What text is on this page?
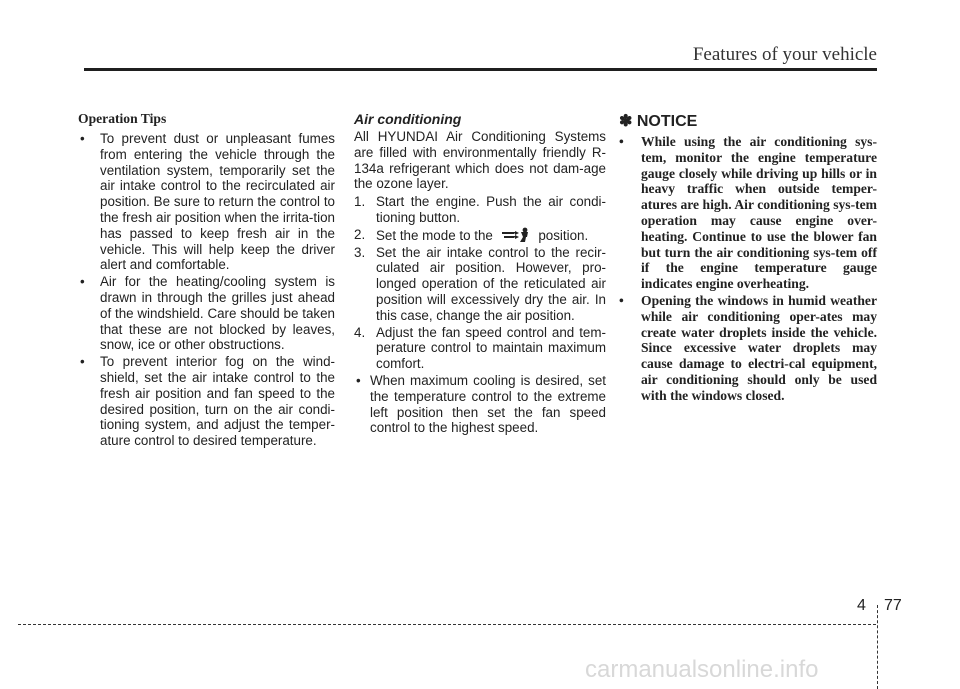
Features of your vehicle
Operation Tips
• To prevent dust or unpleasant fumes from entering the vehicle through the ventilation system, temporarily set the air intake control to the recirculated air position. Be sure to return the control to the fresh air position when the irrita-tion has passed to keep fresh air in the vehicle. This will help keep the driver alert and comfortable.
• Air for the heating/cooling system is drawn in through the grilles just ahead of the windshield. Care should be taken that these are not blocked by leaves, snow, ice or other obstructions.
• To prevent interior fog on the wind-shield, set the air intake control to the fresh air position and fan speed to the desired position, turn on the air condi-tioning system, and adjust the temper-ature control to desired temperature.
Air conditioning

All HYUNDAI Air Conditioning Systems are filled with environmentally friendly R-134a refrigerant which does not dam-age the ozone layer.

1. Start the engine. Push the air condi-tioning button.
2. Set the mode to the	position.
3. Set the air intake control to the recir-culated air position. However, pro-longed operation of the reticulated air position will excessively dry the air. In this case, change the air position.
4. Adjust the fan speed control and tem-perature control to maintain maximum comfort.
• When maximum cooling is desired, set the temperature control to the extreme left position then set the fan speed control to the highest speed.
✽ NOTICE
• While using the air conditioning sys-tem, monitor the engine temperature gauge closely while driving up hills or in heavy traffic when outside temper-atures are high. Air conditioning sys-tem operation may cause engine over-heating. Continue to use the blower fan but turn the air conditioning sys-tem off if the engine temperature gauge indicates engine overheating.
• Opening the windows in humid weather while air conditioning oper-ates may create water droplets inside the vehicle. Since excessive water droplets may cause damage to electri-cal equipment, air conditioning should only be used with the windows closed.
4 77
carmanualsonline.info
